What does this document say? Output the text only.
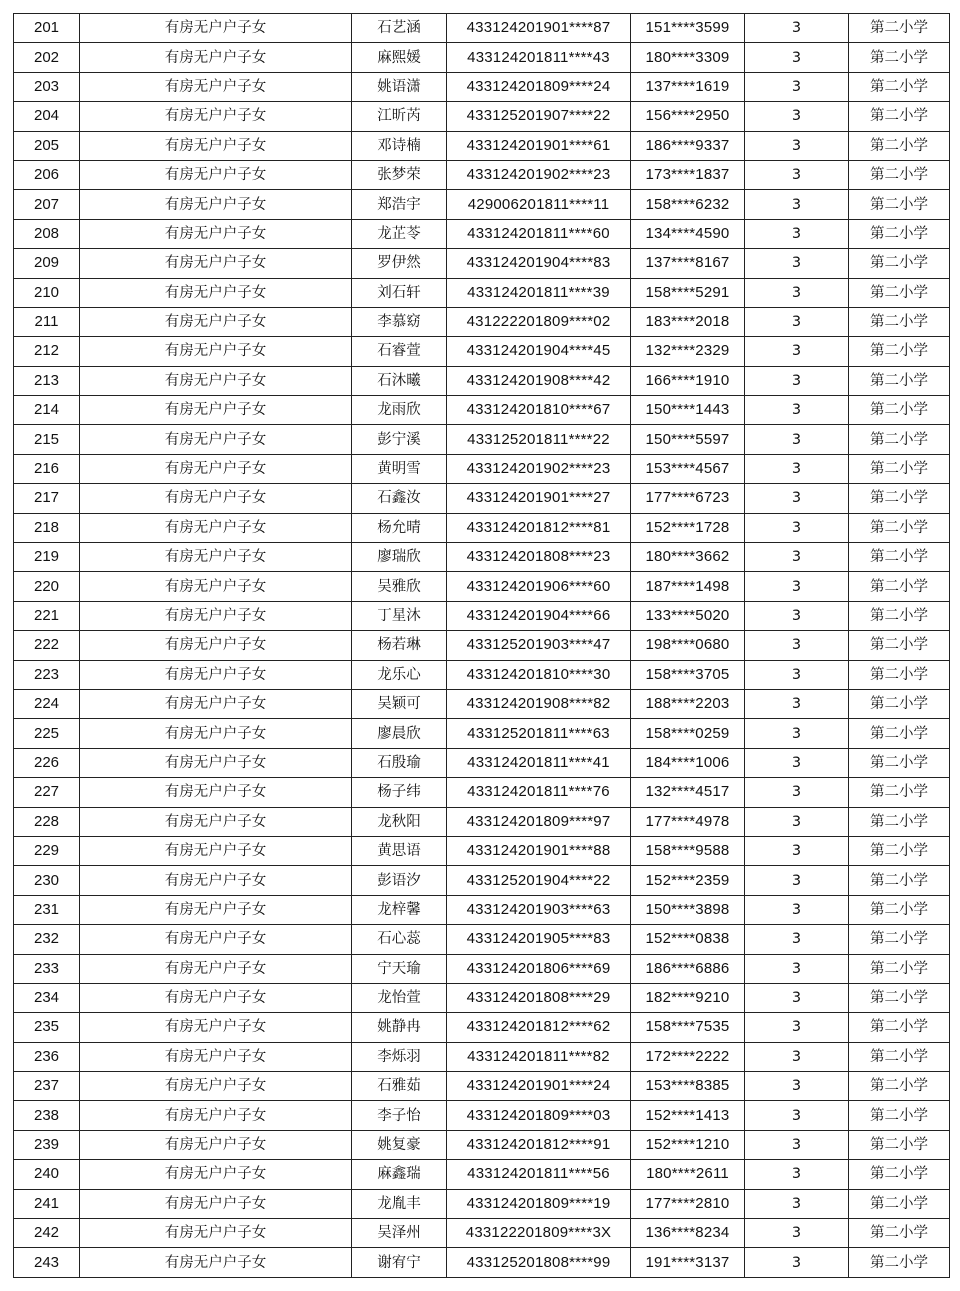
201	有房无户户子女	石艺涵	433124201901****87	151****3599	3	第二小学
202	有房无户户子女	麻熙媛	433124201811****43	180****3309	3	第二小学
203	有房无户户子女	姚语潇	433124201809****24	137****1619	3	第二小学
204	有房无户户子女	江昕芮	433125201907****22	156****2950	3	第二小学
205	有房无户户子女	邓诗楠	433124201901****61	186****9337	3	第二小学
206	有房无户户子女	张梦荣	433124201902****23	173****1837	3	第二小学
207	有房无户户子女	郑浩宇	429006201811****11	158****6232	3	第二小学
208	有房无户户子女	龙芷苓	433124201811****60	134****4590	3	第二小学
209	有房无户户子女	罗伊然	433124201904****83	137****8167	3	第二小学
210	有房无户户子女	刘石轩	433124201811****39	158****5291	3	第二小学
211	有房无户户子女	李慕窈	431222201809****02	183****2018	3	第二小学
212	有房无户户子女	石睿萱	433124201904****45	132****2329	3	第二小学
213	有房无户户子女	石沐曦	433124201908****42	166****1910	3	第二小学
214	有房无户户子女	龙雨欣	433124201810****67	150****1443	3	第二小学
215	有房无户户子女	彭宁溪	433125201811****22	150****5597	3	第二小学
216	有房无户户子女	黄明雪	433124201902****23	153****4567	3	第二小学
217	有房无户户子女	石鑫汝	433124201901****27	177****6723	3	第二小学
218	有房无户户子女	杨允晴	433124201812****81	152****1728	3	第二小学
219	有房无户户子女	廖瑞欣	433124201808****23	180****3662	3	第二小学
220	有房无户户子女	吴雅欣	433124201906****60	187****1498	3	第二小学
221	有房无户户子女	丁星沐	433124201904****66	133****5020	3	第二小学
222	有房无户户子女	杨若琳	433125201903****47	198****0680	3	第二小学
223	有房无户户子女	龙乐心	433124201810****30	158****3705	3	第二小学
224	有房无户户子女	吴颖可	433124201908****82	188****2203	3	第二小学
225	有房无户户子女	廖晨欣	433125201811****63	158****0259	3	第二小学
226	有房无户户子女	石殷瑜	433124201811****41	184****1006	3	第二小学
227	有房无户户子女	杨子纬	433124201811****76	132****4517	3	第二小学
228	有房无户户子女	龙秋阳	433124201809****97	177****4978	3	第二小学
229	有房无户户子女	黄思语	433124201901****88	158****9588	3	第二小学
230	有房无户户子女	彭语汐	433125201904****22	152****2359	3	第二小学
231	有房无户户子女	龙梓馨	433124201903****63	150****3898	3	第二小学
232	有房无户户子女	石心蕊	433124201905****83	152****0838	3	第二小学
233	有房无户户子女	宁天瑜	433124201806****69	186****6886	3	第二小学
234	有房无户户子女	龙怡萱	433124201808****29	182****9210	3	第二小学
235	有房无户户子女	姚静冉	433124201812****62	158****7535	3	第二小学
236	有房无户户子女	李烁羽	433124201811****82	172****2222	3	第二小学
237	有房无户户子女	石雅茹	433124201901****24	153****8385	3	第二小学
238	有房无户户子女	李子怡	433124201809****03	152****1413	3	第二小学
239	有房无户户子女	姚复豪	433124201812****91	152****1210	3	第二小学
240	有房无户户子女	麻鑫瑞	433124201811****56	180****2611	3	第二小学
241	有房无户户子女	龙胤丰	433124201809****19	177****2810	3	第二小学
242	有房无户户子女	吴泽州	433122201809****3X	136****8234	3	第二小学
243	有房无户户子女	谢宥宁	433125201808****99	191****3137	3	第二小学
